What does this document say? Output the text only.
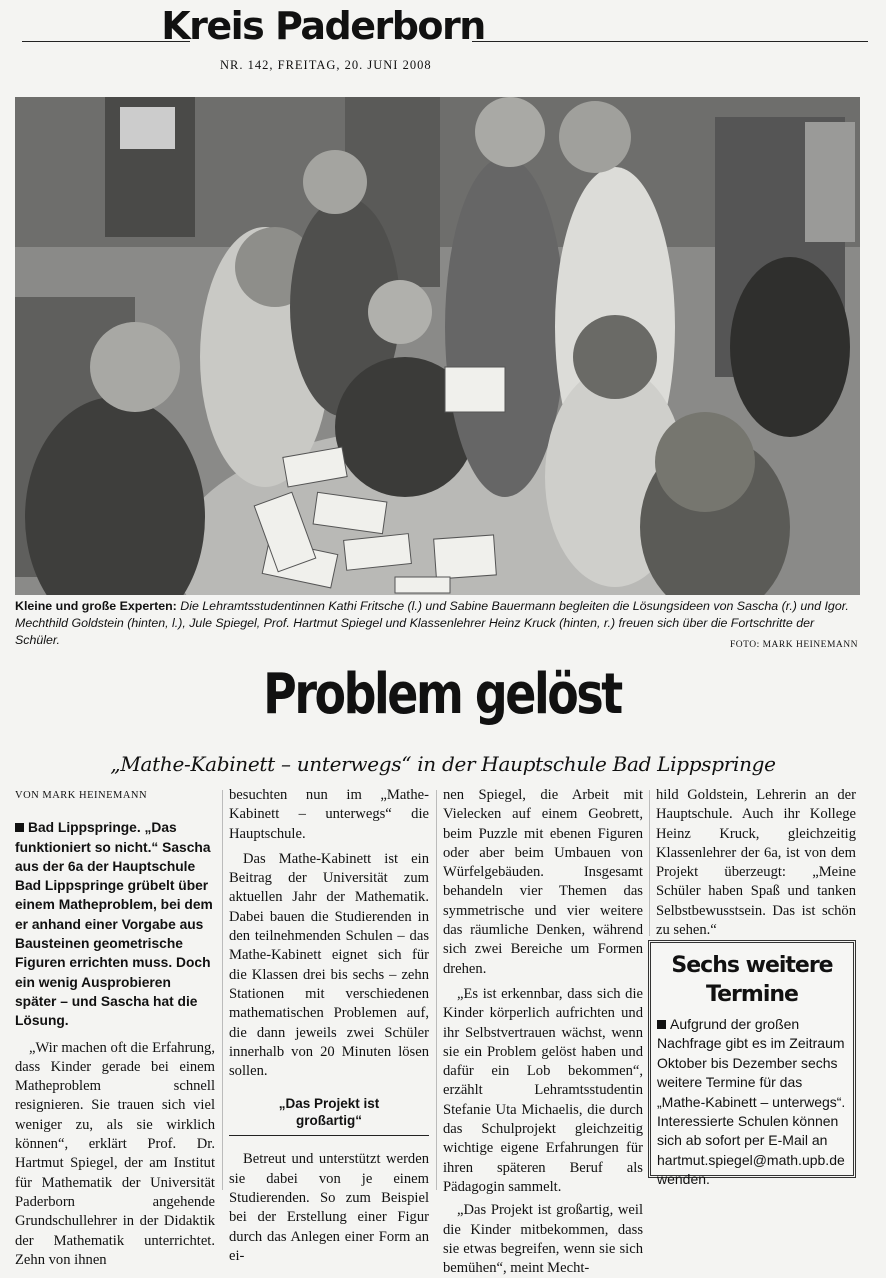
Kreis Paderborn
NR. 142, FREITAG, 20. JUNI 2008
Kleine und große Experten: Die Lehramtsstudentinnen Kathi Fritsche (l.) und Sabine Bauermann begleiten die Lösungsideen von Sascha (r.) und Igor. Mechthild Goldstein (hinten, l.), Jule Spiegel, Prof. Hartmut Spiegel und Klassenlehrer Heinz Kruck (hinten, r.) freuen sich über die Fortschritte der Schüler.	FOTO: MARK HEINEMANN
Problem gelöst
„Mathe-Kabinett – unterwegs“ in der Hauptschule Bad Lippspringe
VON MARK HEINEMANN

Bad Lippspringe. „Das funktioniert so nicht.“ Sascha aus der 6a der Hauptschule Bad Lippspringe grübelt über einem Matheproblem, bei dem er anhand einer Vorgabe aus Bausteinen geometrische Figuren errichten muss. Doch ein wenig Ausprobieren später – und Sascha hat die Lösung.

„Wir machen oft die Erfahrung, dass Kinder gerade bei einem Matheproblem schnell resignieren. Sie trauen sich viel weniger zu, als sie wirklich können“, erklärt Prof. Dr. Hartmut Spiegel, der am Institut für Mathematik der Universität Paderborn angehende Grundschullehrer in der Didaktik der Mathematik unterrichtet. Zehn von ihnen

besuchten nun im „Mathe-Kabinett – unterwegs“ die Hauptschule.

Das Mathe-Kabinett ist ein Beitrag der Universität zum aktuellen Jahr der Mathematik. Dabei bauen die Studierenden in den teilnehmenden Schulen – das Mathe-Kabinett eignet sich für die Klassen drei bis sechs – zehn Stationen mit verschiedenen mathematischen Problemen auf, die dann jeweils zwei Schüler innerhalb von 20 Minuten lösen sollen.

„Das Projekt ist großartig“

Betreut und unterstützt werden sie dabei von je einem Studierenden. So zum Beispiel bei der Erstellung einer Figur durch das Anlegen einer Form an ei-

nen Spiegel, die Arbeit mit Vielecken auf einem Geobrett, beim Puzzle mit ebenen Figuren oder aber beim Umbauen von Würfelgebäuden. Insgesamt behandeln vier Themen das symmetrische und vier weitere das räumliche Denken, während sich zwei Bereiche um Formen drehen.

„Es ist erkennbar, dass sich die Kinder körperlich aufrichten und ihr Selbstvertrauen wächst, wenn sie ein Problem gelöst haben und dafür ein Lob bekommen“, erzählt Lehramtsstudentin Stefanie Uta Michaelis, die durch das Schulprojekt gleichzeitig wichtige eigene Erfahrungen für ihren späteren Beruf als Pädagogin sammelt.

„Das Projekt ist großartig, weil die Kinder mitbekommen, dass sie etwas begreifen, wenn sie sich bemühen“, meint Mecht-

hild Goldstein, Lehrerin an der Hauptschule. Auch ihr Kollege Heinz Kruck, gleichzeitig Klassenlehrer der 6a, ist von dem Projekt überzeugt: „Meine Schüler haben Spaß und tanken Selbstbewusstsein. Das ist schön zu sehen.“

Sechs weitere Termine
Aufgrund der großen Nachfrage gibt es im Zeitraum Oktober bis Dezember sechs weitere Termine für das „Mathe-Kabinett – unterwegs“. Interessierte Schulen können sich ab sofort per E-Mail an hartmut.spiegel@math.upb.de wenden.
